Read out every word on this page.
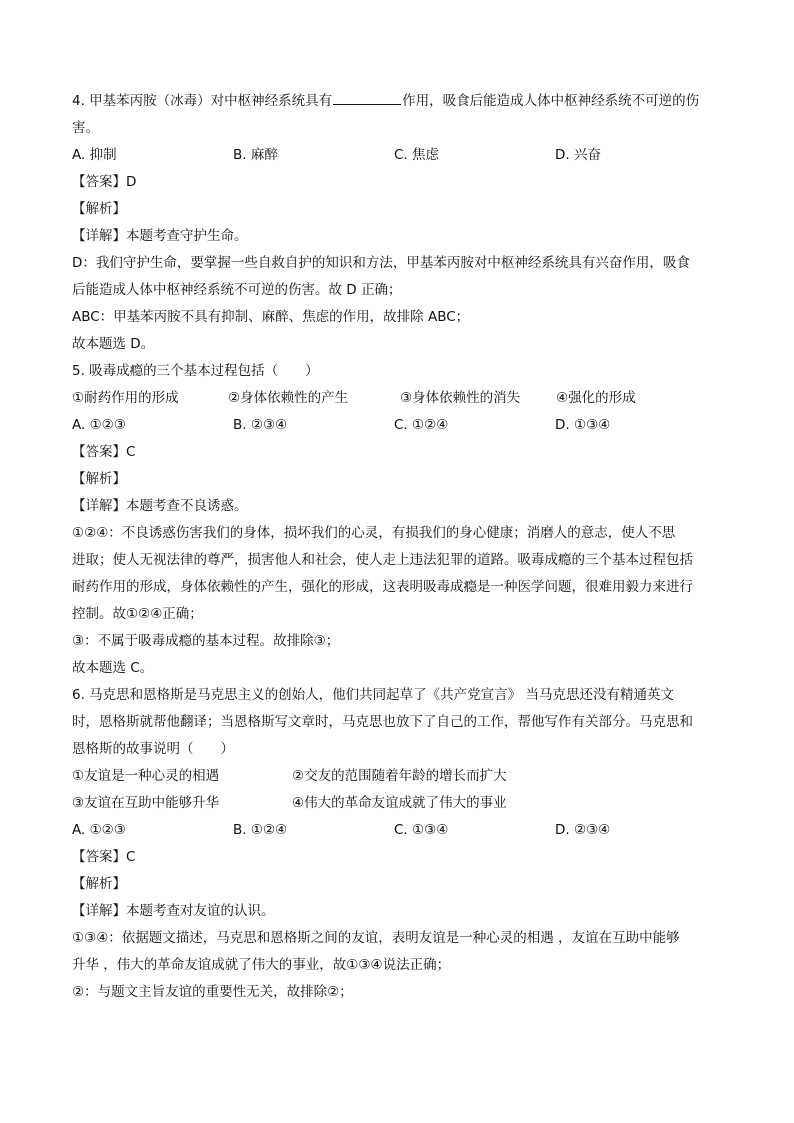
4. 甲基苯丙胺（冰毒）对中枢神经系统具有	作用，吸食后能造成人体中枢神经系统不可逆的伤
害。
A. 抑制	B. 麻醉	C. 焦虑	D. 兴奋
【答案】D
【解析】
【详解】本题考查守护生命。
D：我们守护生命，要掌握一些自救自护的知识和方法，甲基苯丙胺对中枢神经系统具有兴奋作用，吸食
后能造成人体中枢神经系统不可逆的伤害。故 D 正确；
ABC：甲基苯丙胺不具有抑制、麻醉、焦虑的作用，故排除 ABC；
故本题选 D。
5. 吸毒成瘾的三个基本过程包括（　　）
①耐药作用的形成	②身体依赖性的产生	③身体依赖性的消失	④强化的形成
A. ①②③	B. ②③④	C. ①②④	D. ①③④
【答案】C
【解析】
【详解】本题考查不良诱惑。
①②④：不良诱惑伤害我们的身体，损坏我们的心灵，有损我们的身心健康；消磨人的意志，使人不思
进取；使人无视法律的尊严，损害他人和社会，使人走上违法犯罪的道路。吸毒成瘾的三个基本过程包括
耐药作用的形成，身体依赖性的产生，强化的形成，这表明吸毒成瘾是一种医学问题，很难用毅力来进行
控制。故①②④正确；
③：不属于吸毒成瘾的基本过程。故排除③；
故本题选 C。
6. 马克思和恩格斯是马克思主义的创始人，他们共同起草了《共产党宣言》 当马克思还没有精通英文
时，恩格斯就帮他翻译；当恩格斯写文章时，马克思也放下了自己的工作，帮他写作有关部分。马克思和
恩格斯的故事说明（　　）
①友谊是一种心灵的相遇	②交友的范围随着年龄的增长而扩大
③友谊在互助中能够升华	④伟大的革命友谊成就了伟大的事业
A. ①②③	B. ①②④	C. ①③④	D. ②③④
【答案】C
【解析】
【详解】本题考查对友谊的认识。
①③④：依据题文描述，马克思和恩格斯之间的友谊，表明友谊是一种心灵的相遇 ，友谊在互助中能够
升华 ，伟大的革命友谊成就了伟大的事业，故①③④说法正确；
②：与题文主旨友谊的重要性无关，故排除②；
